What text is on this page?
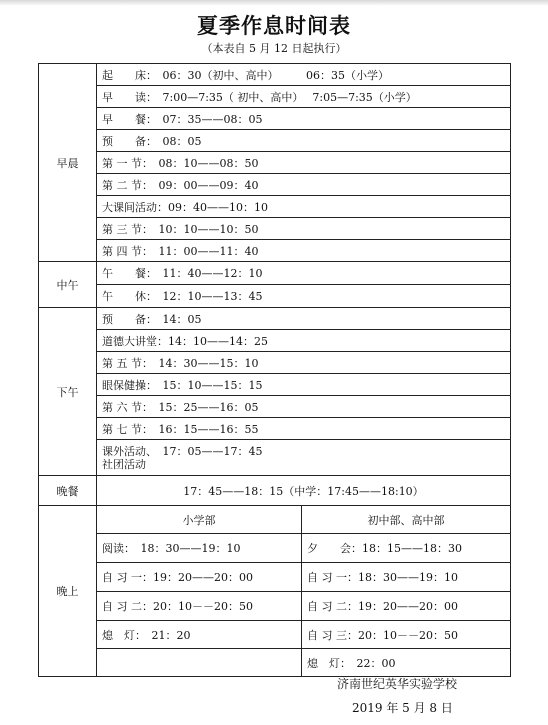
夏季作息时间表
（本表自 5 月 12 日起执行）
早晨	起　　床：　06：30（初中、高中）　　　06：35（小学）	
	早　　读：　7:00—7:35（ 初中、高中）　 7:05—7:35（小学）	
	早　　餐：　07：35——08：05	
	预　　备：　08：05	
	第 一 节：　08：10——08：50	
	第 二 节：　09：00——09：40	
	大课间活动：09：40——10：10	
	第 三 节：　10：10——10：50	
	第 四 节：　11：00——11：40	
中午	午　　餐：　11：40——12：10	
	午　　休：　12：10——13：45	
下午	预　　备：　14：05	
	道德大讲堂：14：10——14：25	
	第 五 节：　14：30——15：10	
	眼保健操：　15：10——15：15	
	第 六 节：　15：25——16：05	
	第 七 节：　16：15——16：55	
	课外活动、　17：05——17：45
社团活动	
晚餐	17：45——18：15（中学：17:45——18:10）	
晚上	小学部	初中部、高中部
	阅读：　18：30——19：10	夕　　会：18：15——18：30
	自 习 一：19：20——20：00	自 习 一：18：30——19：10
	自 习 二：20：10－－20：50	自 习 二：19：20——20：00
	熄　灯：　21：20	自 习 三：20：10－－20：50
		熄　灯：　22：00
济南世纪英华实验学校
2019 年 5 月 8 日
